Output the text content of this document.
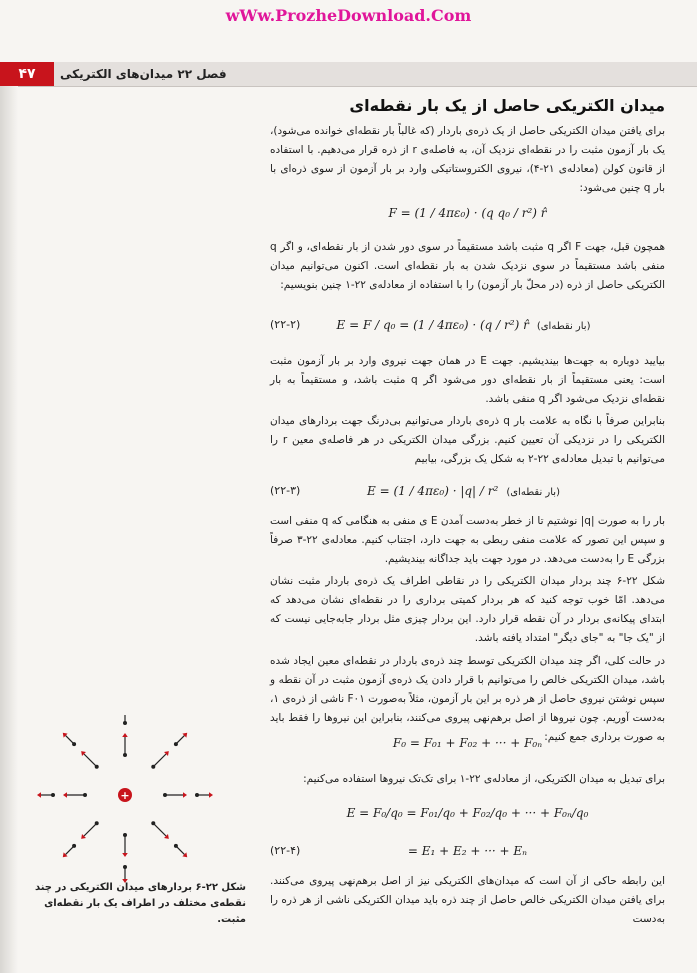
wWw.ProzheDownload.Com
۴۷	فصل ۲۲ میدان‌های الکتریکی
میدان الکتریکی حاصل از یک بار نقطه‌ای
برای یافتن میدان الکتریکی حاصل از یک ذره‌ی باردار (که غالباً بار نقطه‌ای خوانده می‌شود)، یک بار آزمون مثبت را در نقطه‌ای نزدیک آن، به فاصله‌ی r از ذره قرار می‌دهیم. با استفاده از قانون کولن (معادله‌ی ۲۱-۴)، نیروی الکتروستاتیکی وارد بر بار آزمون از سوی ذره‌ای با بار q چنین می‌شود:
F = (1 / 4πε₀) · (q q₀ / r²) r̂
همچون قبل، جهت F اگر q مثبت باشد مستقیماً در سوی دور شدن از بار نقطه‌ای، و اگر q منفی باشد مستقیماً در سوی نزدیک شدن به بار نقطه‌ای است. اکنون می‌توانیم میدان الکتریکی حاصل از ذره (در محلّ بار آزمون) را با استفاده از معادله‌ی ۲۲-۱ چنین بنویسیم:
(۲۲-۲)	E = F / q₀ = (1 / 4πε₀) · (q / r²) r̂ (بار نقطه‌ای)
بیایید دوباره به جهت‌ها بیندیشیم. جهت E در همان جهت نیروی وارد بر بار آزمون مثبت است: یعنی مستقیماً از بار نقطه‌ای دور می‌شود اگر q مثبت باشد، و مستقیماً به بار نقطه‌ای نزدیک می‌شود اگر q منفی باشد.
بنابراین صرفاً با نگاه به علامت بار q ذره‌ی باردار می‌توانیم بی‌درنگ جهت بردارهای میدان الکتریکی را در نزدیکی آن تعیین کنیم. بزرگی میدان الکتریکی در هر فاصله‌ی معین r را می‌توانیم با تبدیل معادله‌ی ۲۲-۲ به شکل یک بزرگی، بیابیم
(۲۲-۳)	E = (1 / 4πε₀) · |q| / r² (بار نقطه‌ای)
بار را به صورت |q| نوشتیم تا از خطر به‌دست آمدن E ی منفی به هنگامی که q منفی است و سپس این تصور که علامت منفی ربطی به جهت دارد، اجتناب کنیم. معادله‌ی ۲۲-۳ صرفاً بزرگی E را به‌دست می‌دهد. در مورد جهت باید جداگانه بیندیشیم.
شکل ۲۲-۶ چند بردار میدان الکتریکی را در نقاطی اطراف یک ذره‌ی باردار مثبت نشان می‌دهد. امّا خوب توجه کنید که هر بردار کمیتی برداری را در نقطه‌ای نشان می‌دهد که ابتدای پیکانه‌ی بردار در آن نقطه قرار دارد. این بردار چیزی مثل بردار جابه‌جایی نیست که از "یک جا" به "جای دیگر" امتداد یافته باشد.
در حالت کلی، اگر چند میدان الکتریکی توسط چند ذره‌ی باردار در نقطه‌ای معین ایجاد شده باشد، میدان الکتریکی خالص را می‌توانیم با قرار دادن یک ذره‌ی آزمون مثبت در آن نقطه و سپس نوشتن نیروی حاصل از هر ذره بر این بار آزمون، مثلاً به‌صورت F۰۱ ناشی از ذره‌ی ۱، به‌دست آوریم. چون نیروها از اصل برهم‌نهی پیروی می‌کنند، بنابراین این نیروها را فقط باید به صورت برداری جمع کنیم:
F₀ = F₀₁ + F₀₂ + ··· + F₀ₙ
برای تبدیل به میدان الکتریکی، از معادله‌ی ۲۲-۱ برای تک‌تک نیروها استفاده می‌کنیم:
E = F₀/q₀ = F₀₁/q₀ + F₀₂/q₀ + ··· + F₀ₙ/q₀
(۲۲-۴)	= E₁ + E₂ + ··· + Eₙ
این رابطه حاکی از آن است که میدان‌های الکتریکی نیز از اصل برهم‌نهی پیروی می‌کنند. برای یافتن میدان الکتریکی خالص حاصل از چند ذره باید میدان الکتریکی ناشی از هر ذره را به‌دست
+
شکل ۲۲-۶ بردارهای میدان الکتریکی در چند نقطه‌ی مختلف در اطراف یک بار نقطه‌ای مثبت.
